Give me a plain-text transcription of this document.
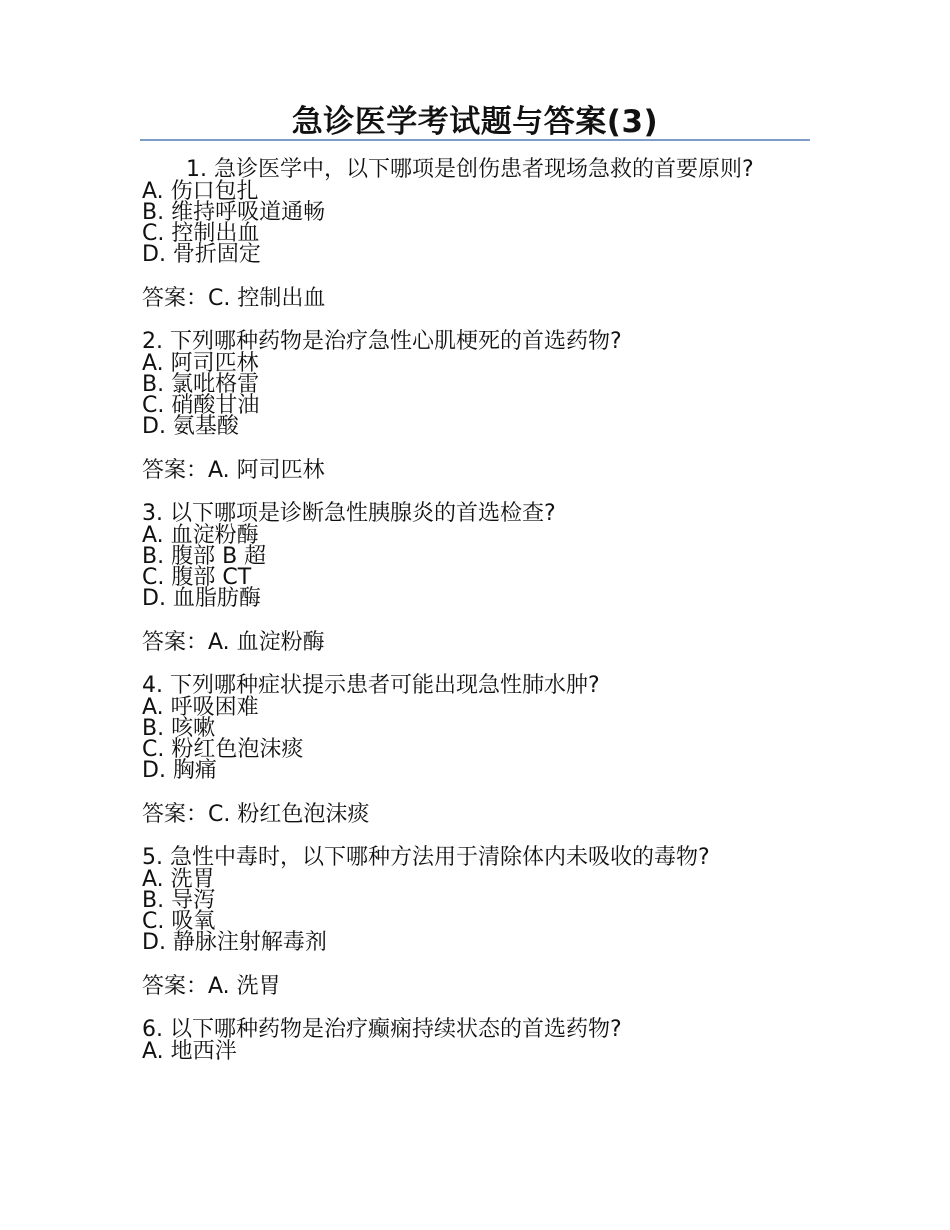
急诊医学考试题与答案(3)

1. 急诊医学中，以下哪项是创伤患者现场急救的首要原则?

A. 伤口包扎

B. 维持呼吸道通畅

C. 控制出血

D. 骨折固定

答案：C. 控制出血

2. 下列哪种药物是治疗急性心肌梗死的首选药物?

A. 阿司匹林

B. 氯吡格雷

C. 硝酸甘油

D. 氨基酸

答案：A. 阿司匹林

3. 以下哪项是诊断急性胰腺炎的首选检查?

A. 血淀粉酶

B. 腹部 B 超

C. 腹部 CT

D. 血脂肪酶

答案：A. 血淀粉酶

4. 下列哪种症状提示患者可能出现急性肺水肿?

A. 呼吸困难

B. 咳嗽

C. 粉红色泡沫痰

D. 胸痛

答案：C. 粉红色泡沫痰

5. 急性中毒时，以下哪种方法用于清除体内未吸收的毒物?

A. 洗胃

B. 导泻

C. 吸氧

D. 静脉注射解毒剂

答案：A. 洗胃

6. 以下哪种药物是治疗癫痫持续状态的首选药物?

A. 地西泮
